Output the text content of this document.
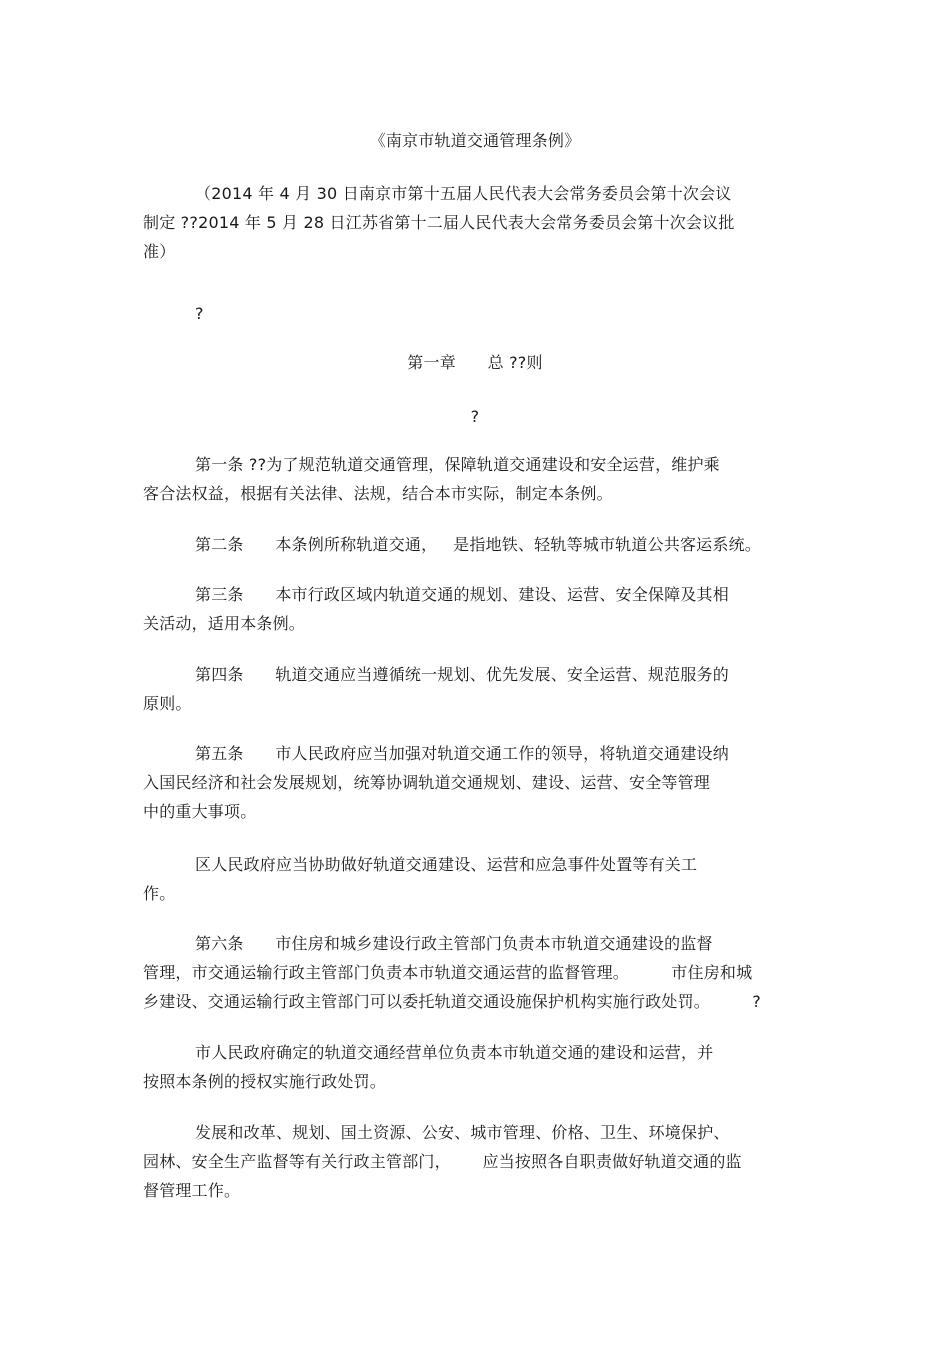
《南京市轨道交通管理条例》
（2014 年 4 月 30 日南京市第十五届人民代表大会常务委员会第十次会议
制定 ??2014 年 5 月 28 日江苏省第十二届人民代表大会常务委员会第十次会议批
准）
?
第一章      总 ??则
?
第一条 ??为了规范轨道交通管理，保障轨道交通建设和安全运营，维护乘
客合法权益，根据有关法律、法规，结合本市实际，制定本条例。
第二条      本条例所称轨道交通，   是指地铁、轻轨等城市轨道公共客运系统。
第三条      本市行政区域内轨道交通的规划、建设、运营、安全保障及其相
关活动，适用本条例。
第四条      轨道交通应当遵循统一规划、优先发展、安全运营、规范服务的
原则。
第五条      市人民政府应当加强对轨道交通工作的领导，将轨道交通建设纳
入国民经济和社会发展规划，统筹协调轨道交通规划、建设、运营、安全等管理
中的重大事项。
区人民政府应当协助做好轨道交通建设、运营和应急事件处置等有关工
作。
第六条      市住房和城乡建设行政主管部门负责本市轨道交通建设的监督
管理，市交通运输行政主管部门负责本市轨道交通运营的监督管理。        市住房和城
乡建设、交通运输行政主管部门可以委托轨道交通设施保护机构实施行政处罚。        ?
市人民政府确定的轨道交通经营单位负责本市轨道交通的建设和运营，并
按照本条例的授权实施行政处罚。
发展和改革、规划、国土资源、公安、城市管理、价格、卫生、环境保护、
园林、安全生产监督等有关行政主管部门，      应当按照各自职责做好轨道交通的监
督管理工作。
